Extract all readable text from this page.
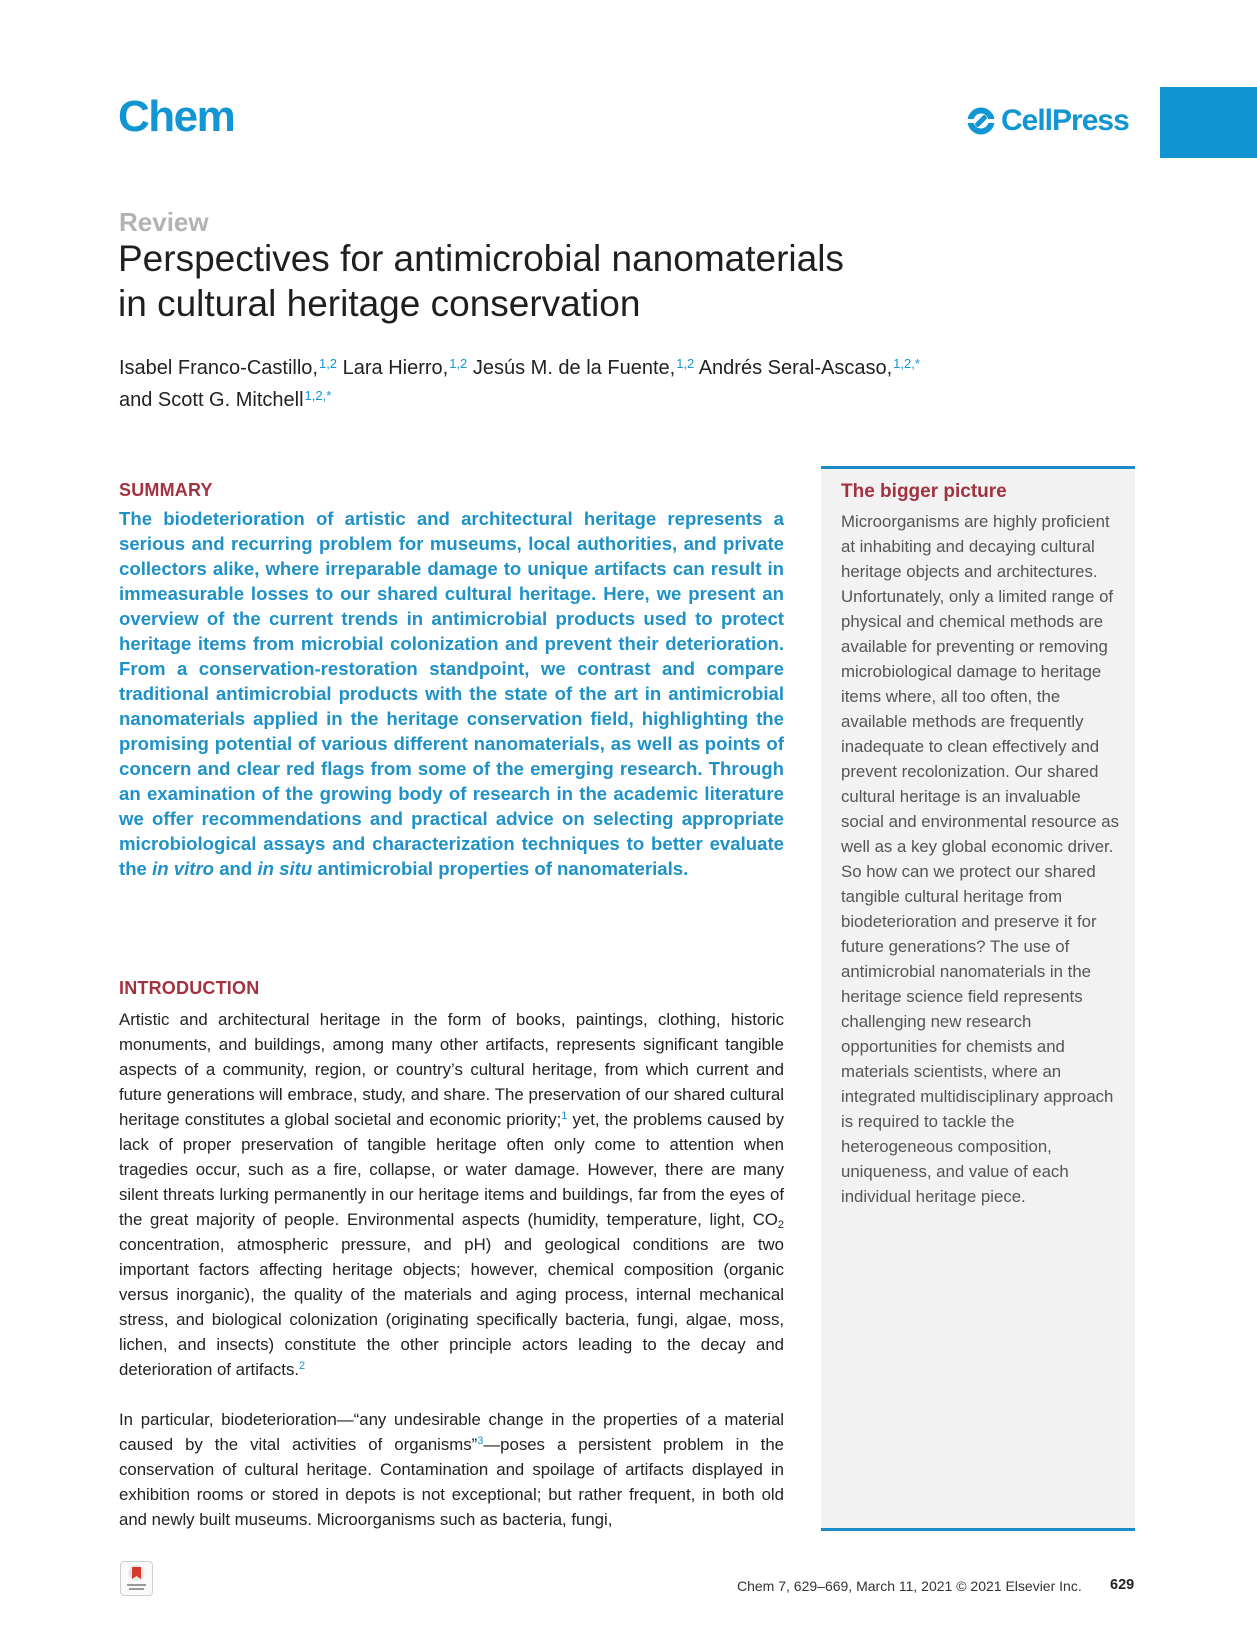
Chem	CellPress
Review
Perspectives for antimicrobial nanomaterials
in cultural heritage conservation
Isabel Franco-Castillo,$^{1,2}$ Lara Hierro,$^{1,2}$ Jesús M. de la Fuente,$^{1,2}$ Andrés Seral-Ascaso,$^{1,2,*}$
and Scott G. Mitchell$^{1,2,*}$
SUMMARY

The biodeterioration of artistic and architectural heritage represents a serious and recurring problem for museums, local authorities, and private collectors alike, where irreparable damage to unique artifacts can result in immeasurable losses to our shared cultural heritage. Here, we present an overview of the current trends in antimicrobial products used to protect heritage items from microbial colonization and prevent their deterioration. From a conservation-restoration standpoint, we contrast and compare traditional antimicrobial products with the state of the art in antimicrobial nanomaterials applied in the heritage conservation field, highlighting the promising potential of various different nanomaterials, as well as points of concern and clear red flags from some of the emerging research. Through an examination of the growing body of research in the academic literature we offer recommendations and practical advice on selecting appropriate microbiological assays and characterization techniques to better evaluate the in vitro and in situ antimicrobial properties of nanomaterials.

INTRODUCTION

Artistic and architectural heritage in the form of books, paintings, clothing, historic monuments, and buildings, among many other artifacts, represents significant tangible aspects of a community, region, or country’s cultural heritage, from which current and future generations will embrace, study, and share. The preservation of our shared cultural heritage constitutes a global societal and economic priority;$^1$ yet, the problems caused by lack of proper preservation of tangible heritage often only come to attention when tragedies occur, such as a fire, collapse, or water damage. However, there are many silent threats lurking permanently in our heritage items and buildings, far from the eyes of the great majority of people. Environmental aspects (humidity, temperature, light, $CO_2$ concentration, atmospheric pressure, and pH) and geological conditions are two important factors affecting heritage objects; however, chemical composition (organic versus inorganic), the quality of the materials and aging process, internal mechanical stress, and biological colonization (originating specifically bacteria, fungi, algae, moss, lichen, and insects) constitute the other principle actors leading to the decay and deterioration of artifacts.$^2$

In particular, biodeterioration—“any undesirable change in the properties of a material caused by the vital activities of organisms”$^3$—poses a persistent problem in the conservation of cultural heritage. Contamination and spoilage of artifacts displayed in exhibition rooms or stored in depots is not exceptional; but rather frequent, in both old and newly built museums. Microorganisms such as bacteria, fungi,

The bigger picture

Microorganisms are highly proficient at inhabiting and decaying cultural heritage objects and architectures. Unfortunately, only a limited range of physical and chemical methods are available for preventing or removing microbiological damage to heritage items where, all too often, the available methods are frequently inadequate to clean effectively and prevent recolonization. Our shared cultural heritage is an invaluable social and environmental resource as well as a key global economic driver. So how can we protect our shared tangible cultural heritage from biodeterioration and preserve it for future generations? The use of antimicrobial nanomaterials in the heritage science field represents challenging new research opportunities for chemists and materials scientists, where an integrated multidisciplinary approach is required to tackle the heterogeneous composition, uniqueness, and value of each individual heritage piece.

Chem 7, 629–669, March 11, 2021 © 2021 Elsevier Inc. 629
